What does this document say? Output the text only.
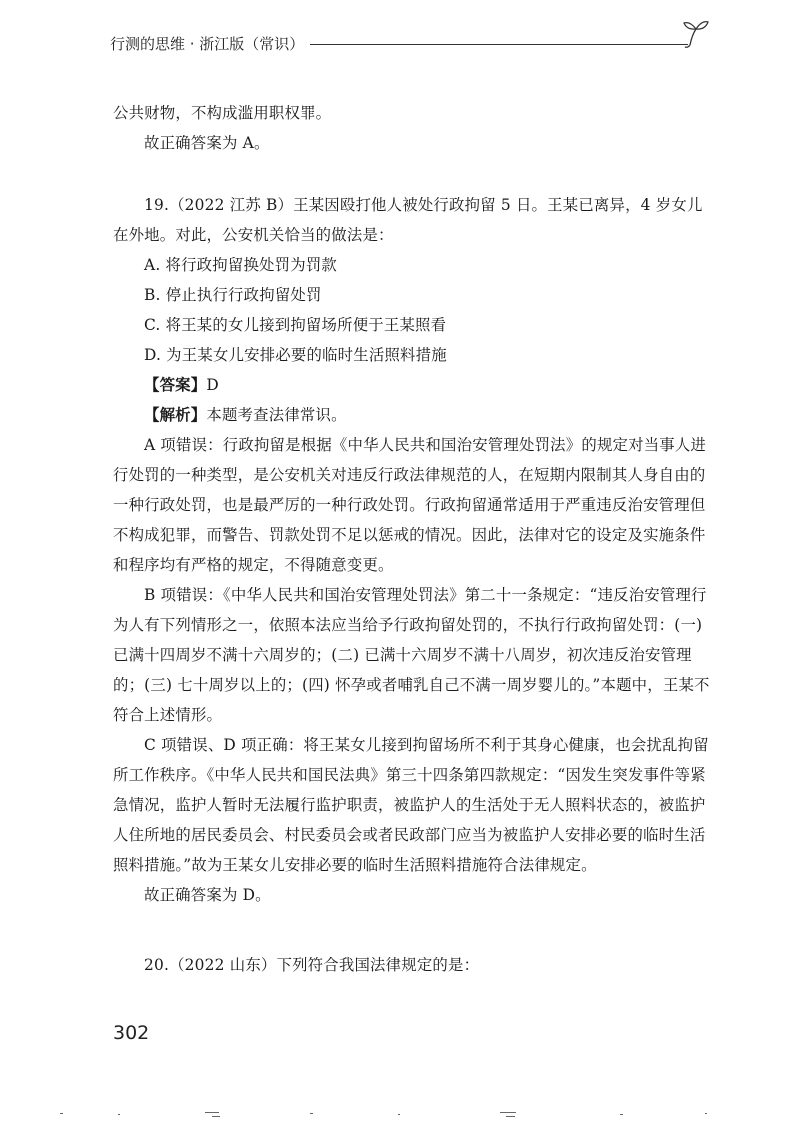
行测的思维 · 浙江版（常识）

公共财物，不构成滥用职权罪。

故正确答案为 A。

19.（2022 江苏 B）王某因殴打他人被处行政拘留 5 日。王某已离异，4 岁女儿在外地。对此，公安机关恰当的做法是：

A. 将行政拘留换处罚为罚款

B. 停止执行行政拘留处罚

C. 将王某的女儿接到拘留场所便于王某照看

D. 为王某女儿安排必要的临时生活照料措施

【答案】D

【解析】本题考查法律常识。

A 项错误：行政拘留是根据《中华人民共和国治安管理处罚法》的规定对当事人进行处罚的一种类型，是公安机关对违反行政法律规范的人，在短期内限制其人身自由的一种行政处罚，也是最严厉的一种行政处罚。行政拘留通常适用于严重违反治安管理但不构成犯罪，而警告、罚款处罚不足以惩戒的情况。因此，法律对它的设定及实施条件和程序均有严格的规定，不得随意变更。

B 项错误：《中华人民共和国治安管理处罚法》第二十一条规定：“违反治安管理行为人有下列情形之一，依照本法应当给予行政拘留处罚的，不执行行政拘留处罚：(一) 已满十四周岁不满十六周岁的；(二) 已满十六周岁不满十八周岁，初次违反治安管理的；(三) 七十周岁以上的；(四) 怀孕或者哺乳自己不满一周岁婴儿的。”本题中，王某不符合上述情形。

C 项错误、D 项正确：将王某女儿接到拘留场所不利于其身心健康，也会扰乱拘留所工作秩序。《中华人民共和国民法典》第三十四条第四款规定：“因发生突发事件等紧急情况，监护人暂时无法履行监护职责，被监护人的生活处于无人照料状态的，被监护人住所地的居民委员会、村民委员会或者民政部门应当为被监护人安排必要的临时生活照料措施。”故为王某女儿安排必要的临时生活照料措施符合法律规定。

故正确答案为 D。

20.（2022 山东）下列符合我国法律规定的是：

302
